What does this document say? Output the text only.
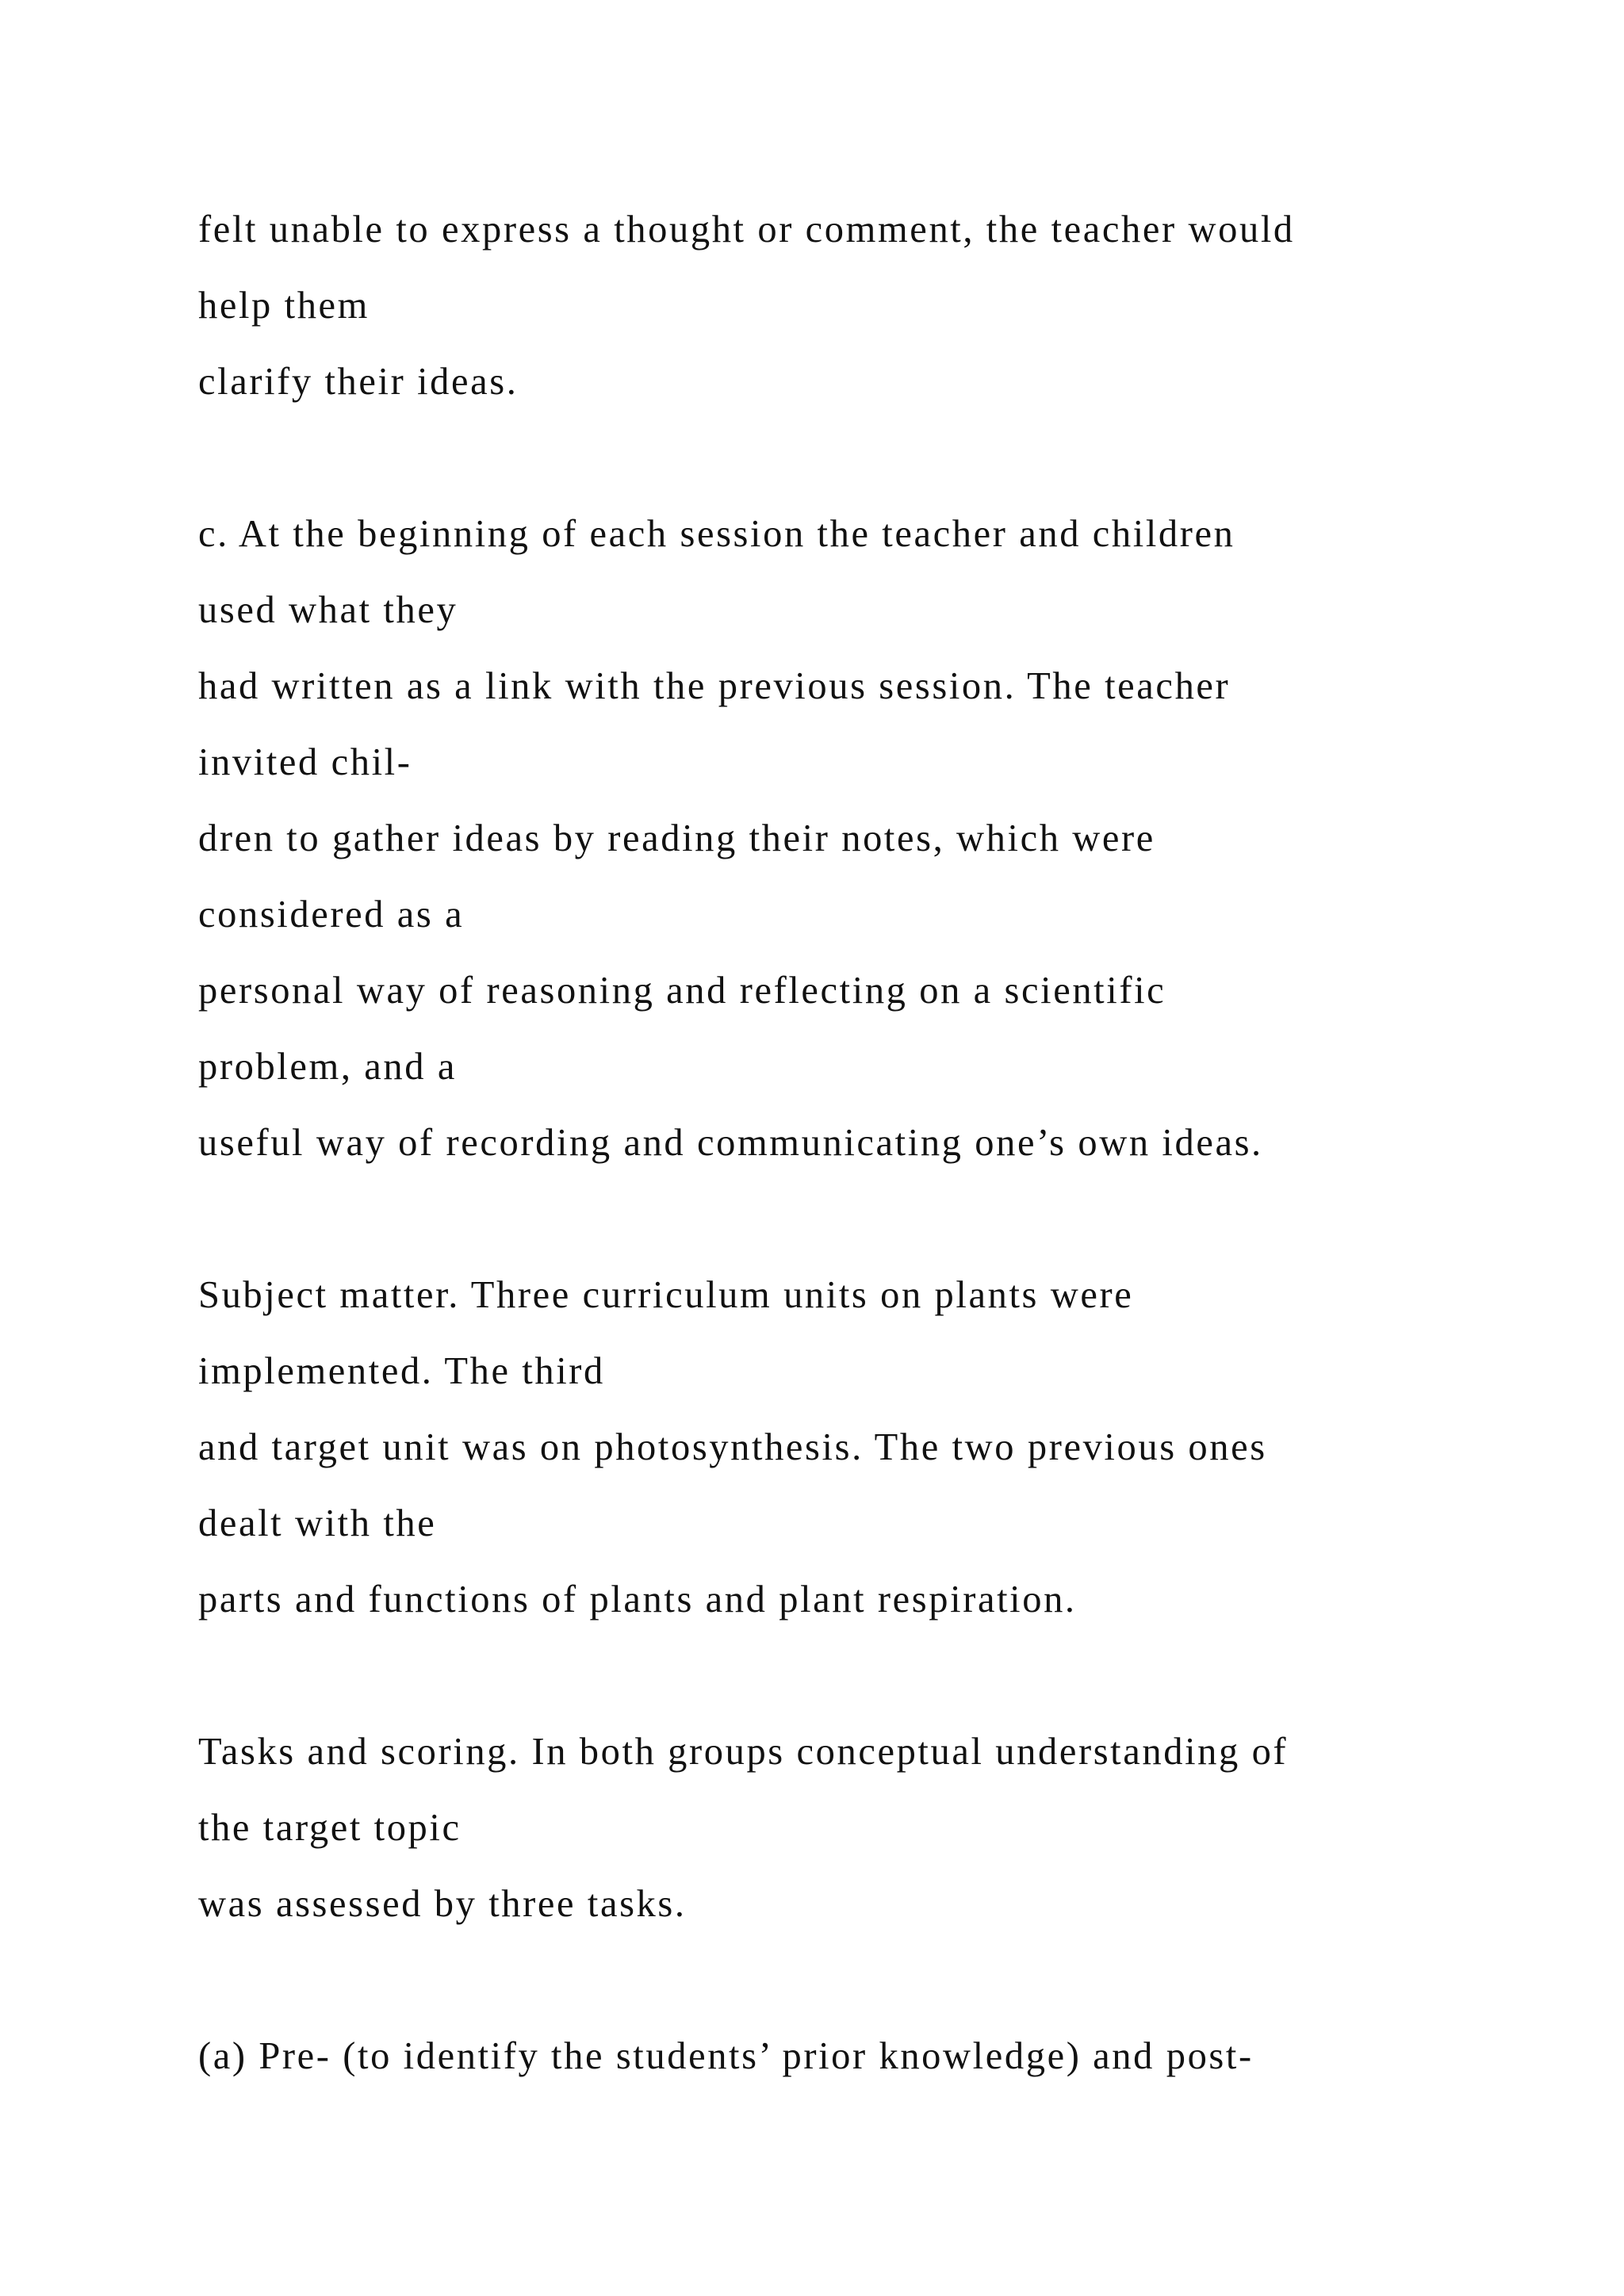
felt unable to express a thought or comment, the teacher would
help them
clarify their ideas.
c. At the beginning of each session the teacher and children
used what they
had written as a link with the previous session. The teacher
invited chil-
dren to gather ideas by reading their notes, which were
considered as a
personal way of reasoning and reflecting on a scientific
problem, and a
useful way of recording and communicating one’s own ideas.
Subject matter. Three curriculum units on plants were
implemented. The third
and target unit was on photosynthesis. The two previous ones
dealt with the
parts and functions of plants and plant respiration.
Tasks and scoring. In both groups conceptual understanding of
the target topic
was assessed by three tasks.
(a) Pre- (to identify the students’ prior knowledge) and post-
